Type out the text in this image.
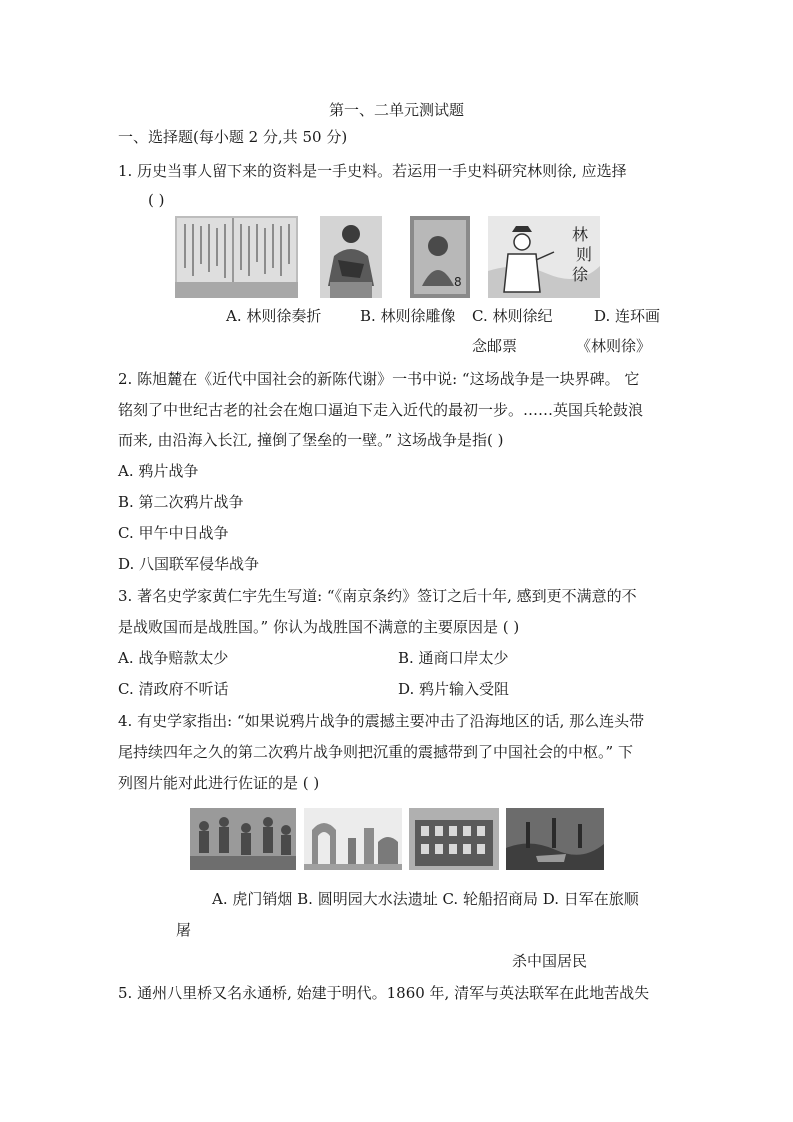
第一、二单元测试题
一、选择题(每小题 2 分,共 50 分)
1. 历史当事人留下来的资料是一手史料。若运用一手史料研究林则徐, 应选择
( )
8
林
则
徐
A. 林则徐奏折	B. 林则徐雕像 C. 林则徐纪	D. 连环画
念邮票	《林则徐》
2. 陈旭麓在《近代中国社会的新陈代谢》一书中说: “这场战争是一块界碑。 它
铭刻了中世纪古老的社会在炮口逼迫下走入近代的最初一步。……英国兵轮鼓浪
而来, 由沿海入长江, 撞倒了堡垒的一壁。” 这场战争是指( )
A. 鸦片战争
B. 第二次鸦片战争
C. 甲午中日战争
D. 八国联军侵华战争
3. 著名史学家黄仁宇先生写道: “《南京条约》签订之后十年, 感到更不满意的不
是战败国而是战胜国。” 你认为战胜国不满意的主要原因是 ( )
A. 战争赔款太少	B. 通商口岸太少
C. 清政府不听话	D. 鸦片输入受阻
4. 有史学家指出: “如果说鸦片战争的震撼主要冲击了沿海地区的话, 那么连头带
尾持续四年之久的第二次鸦片战争则把沉重的震撼带到了中国社会的中枢。” 下
列图片能对此进行佐证的是 ( )
A. 虎门销烟 B. 圆明园大水法遗址 C. 轮船招商局 D. 日军在旅顺
屠
杀中国居民
5. 通州八里桥又名永通桥, 始建于明代。1860 年, 清军与英法联军在此地苦战失
